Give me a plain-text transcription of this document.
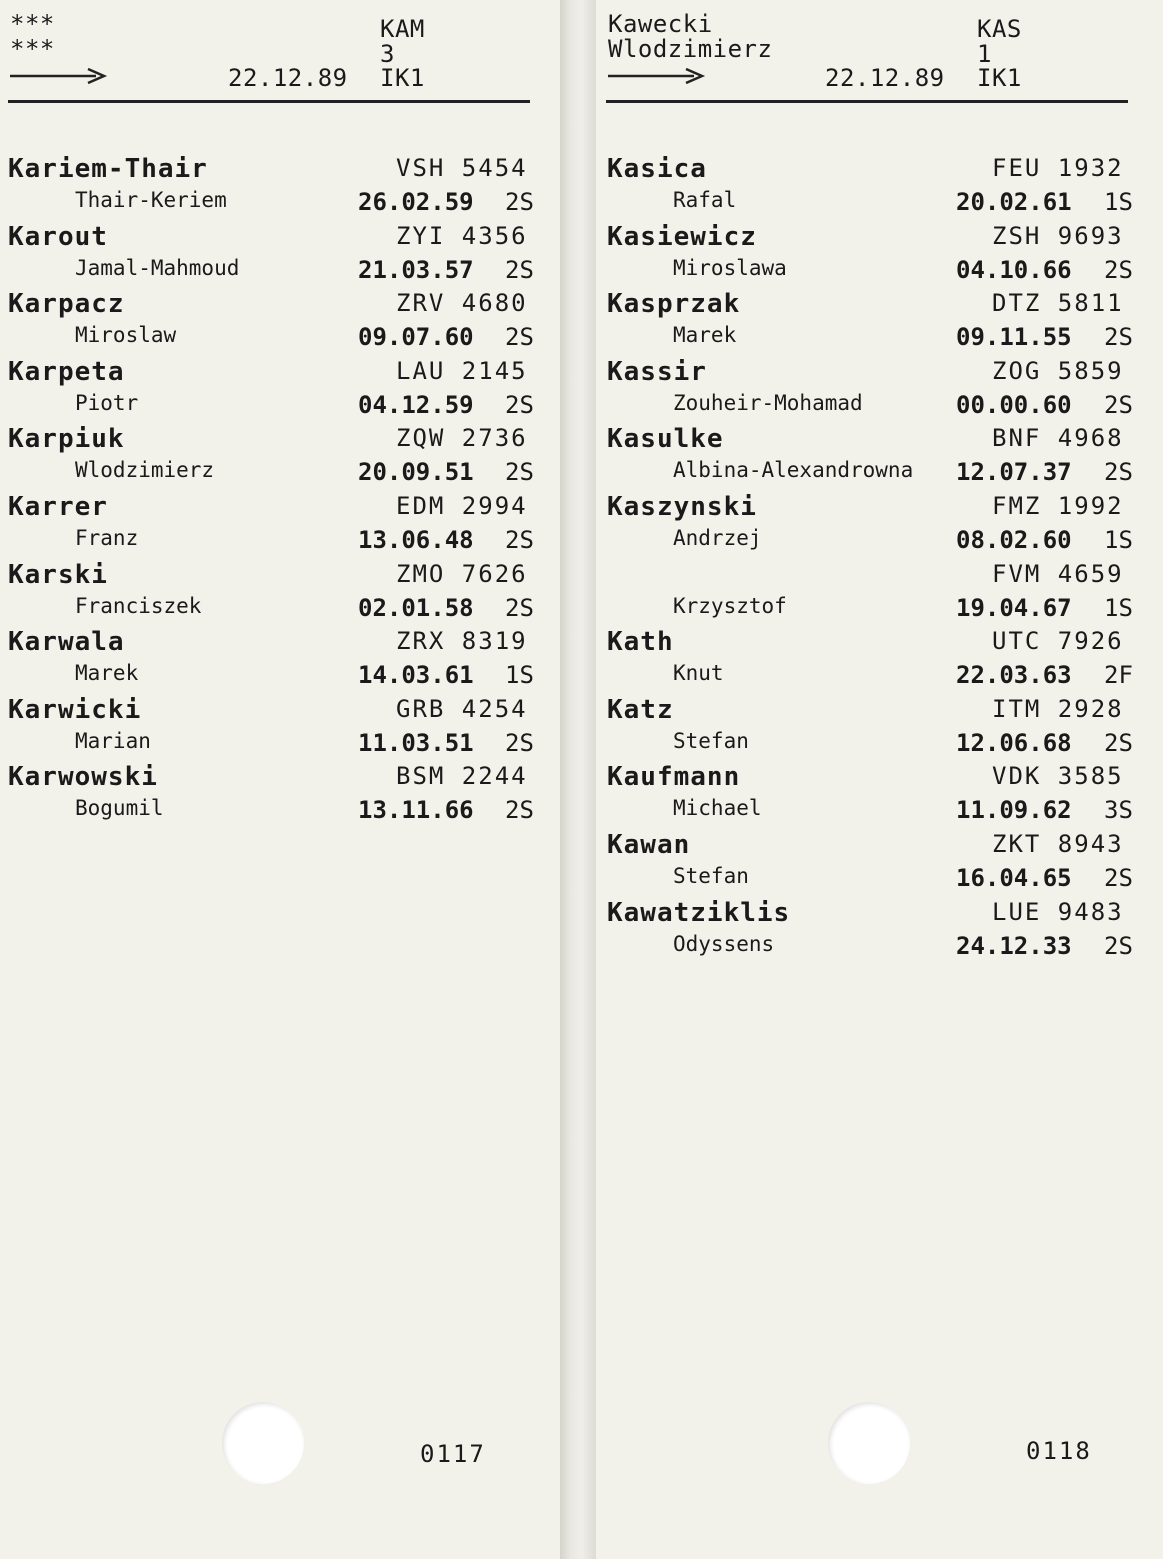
***
***
KAM
3
22.12.89 IK1
Kariem-Thair	VSH 5454
Thair-Keriem	26.02.59 2S
Karout	ZYI 4356
Jamal-Mahmoud	21.03.57 2S
Karpacz	ZRV 4680
Miroslaw	09.07.60 2S
Karpeta	LAU 2145
Piotr	04.12.59 2S
Karpiuk	ZQW 2736
Wlodzimierz	20.09.51 2S
Karrer	EDM 2994
Franz	13.06.48 2S
Karski	ZMO 7626
Franciszek	02.01.58 2S
Karwala	ZRX 8319
Marek	14.03.61 1S
Karwicki	GRB 4254
Marian	11.03.51 2S
Karwowski	BSM 2244
Bogumil	13.11.66 2S
0117
Kawecki
Wlodzimierz
KAS
1
22.12.89 IK1
Kasica	FEU 1932
Rafal	20.02.61 1S
Kasiewicz	ZSH 9693
Miroslawa	04.10.66 2S
Kasprzak	DTZ 5811
Marek	09.11.55 2S
Kassir	ZOG 5859
Zouheir-Mohamad	00.00.60 2S
Kasulke	BNF 4968
Albina-Alexandrowna 12.07.37 2S
Kaszynski	FMZ 1992
Andrzej	08.02.60 1S
FVM 4659
Krzysztof	19.04.67 1S
Kath	UTC 7926
Knut	22.03.63 2F
Katz	ITM 2928
Stefan	12.06.68 2S
Kaufmann	VDK 3585
Michael	11.09.62 3S
Kawan	ZKT 8943
Stefan	16.04.65 2S
Kawatziklis	LUE 9483
Odyssens	24.12.33 2S
0118
